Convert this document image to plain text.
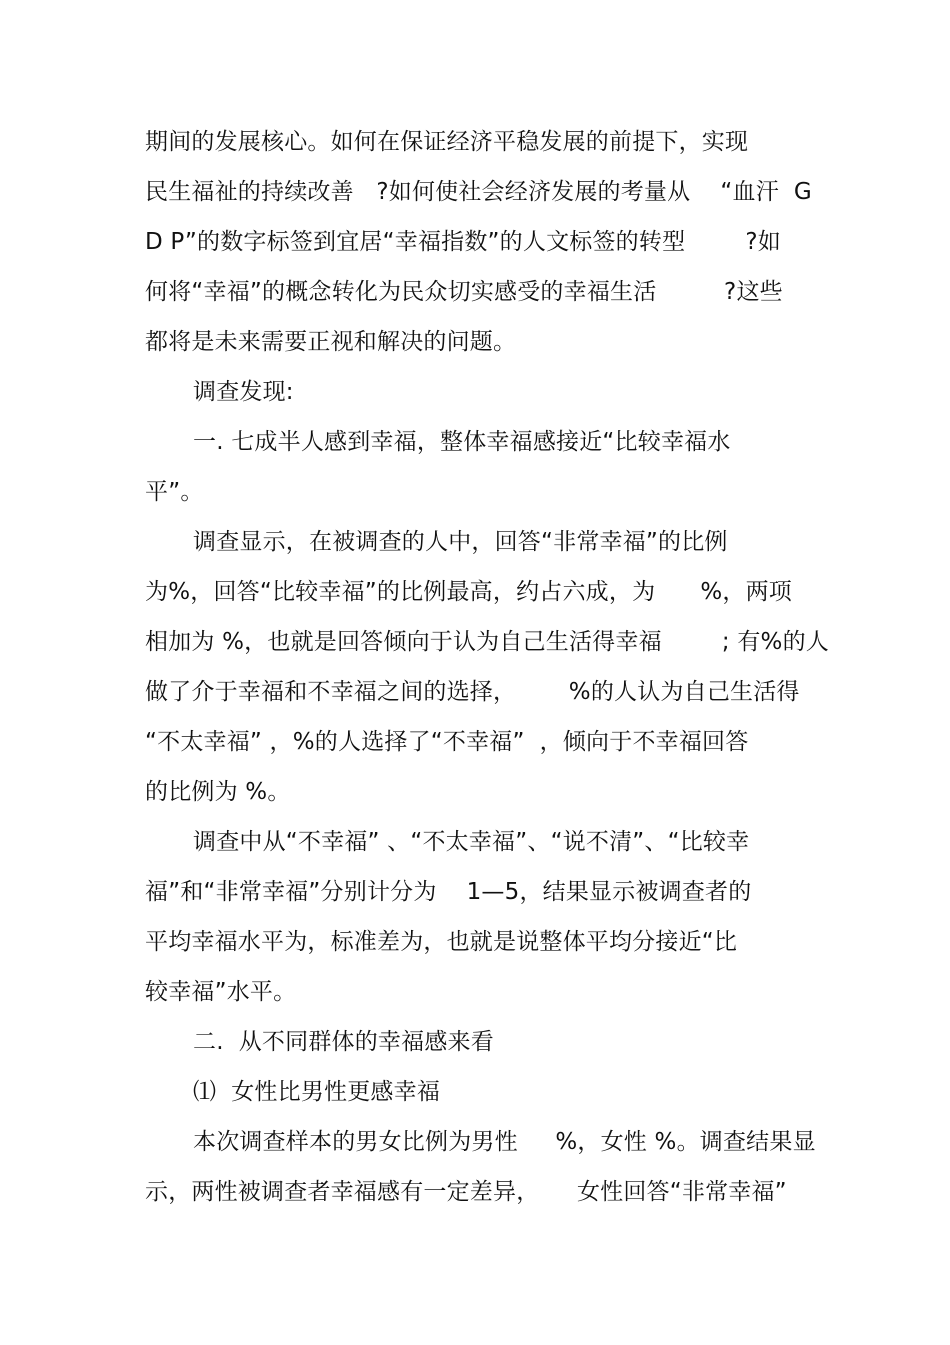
期间的发展核心。如何在保证经济平稳发展的前提下，实现
民生福祉的持续改善   ?如何使社会经济发展的考量从    “血汗  G
D P”的数字标签到宜居“幸福指数”的人文标签的转型        ?如
何将“幸福”的概念转化为民众切实感受的幸福生活         ?这些
都将是未来需要正视和解决的问题。
调查发现:
一. 七成半人感到幸福，整体幸福感接近“比较幸福水
平”。
调查显示，在被调查的人中，回答“非常幸福”的比例
为%，回答“比较幸福”的比例最高，约占六成，为      %，两项
相加为 %，也就是回答倾向于认为自己生活得幸福        ; 有%的人
做了介于幸福和不幸福之间的选择，       %的人认为自己生活得
“不太幸福” ，%的人选择了“不幸福”  ，倾向于不幸福回答
的比例为 %。
调查中从“不幸福” 、“不太幸福”、“说不清”、“比较幸
福”和“非常幸福”分别计分为    1—5，结果显示被调查者的
平均幸福水平为，标准差为，也就是说整体平均分接近“比
较幸福”水平。
二.  从不同群体的幸福感来看
⑴  女性比男性更感幸福
本次调查样本的男女比例为男性     %，女性 %。调查结果显
示，两性被调查者幸福感有一定差异，     女性回答“非常幸福”
